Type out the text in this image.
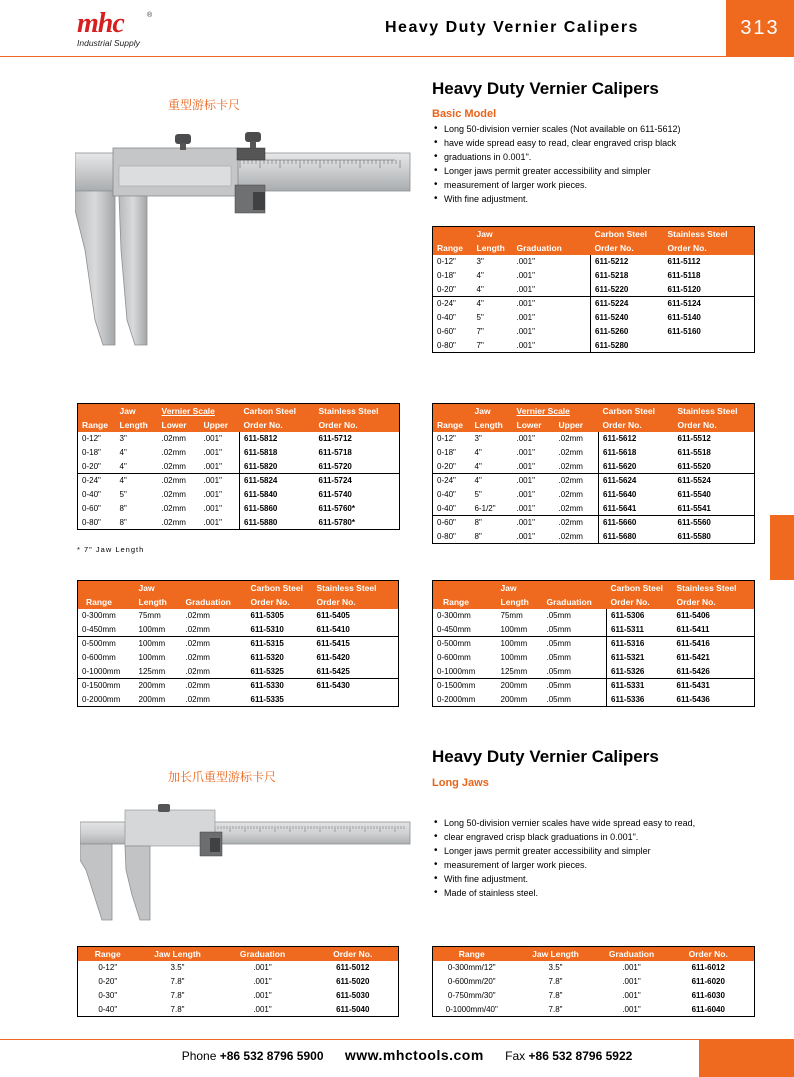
mhc	®
Industrial Supply
Heavy Duty Vernier Calipers	313
重型游标卡尺
Heavy Duty Vernier Calipers
Basic Model
• Long 50-division vernier scales (Not available on 611-5612)
• have wide spread easy to read, clear engraved crisp black
• graduations in 0.001".
• Longer jaws permit greater accessibility and simpler
• measurement of larger work pieces.
• With fine adjustment.
	Jaw		Carbon Steel	Stainless Steel
Range	Length	Graduation	Order No.	Order No.
0-12"	3"	.001"	611-5212	611-5112
0-18"	4"	.001"	611-5218	611-5118
0-20"	4"	.001"	611-5220	611-5120
0-24"	4"	.001"	611-5224	611-5124
0-40"	5"	.001"	611-5240	611-5140
0-60"	7"	.001"	611-5260	611-5160
0-80"	7"	.001"	611-5280	
	Jaw	Vernier Scale		Carbon Steel	Stainless Steel
Range	Length	Lower	Upper	Order No.	Order No.
0-12"	3"	.02mm	.001"	611-5812	611-5712
0-18"	4"	.02mm	.001"	611-5818	611-5718
0-20"	4"	.02mm	.001"	611-5820	611-5720
0-24"	4"	.02mm	.001"	611-5824	611-5724
0-40"	5"	.02mm	.001"	611-5840	611-5740
0-60"	8"	.02mm	.001"	611-5860	611-5760*
0-80"	8"	.02mm	.001"	611-5880	611-5780*
* 7" Jaw Length
	Jaw	Vernier Scale		Carbon Steel	Stainless Steel
Range	Length	Lower	Upper	Order No.	Order No.
0-12"	3"	.001"	.02mm	611-5612	611-5512
0-18"	4"	.001"	.02mm	611-5618	611-5518
0-20"	4"	.001"	.02mm	611-5620	611-5520
0-24"	4"	.001"	.02mm	611-5624	611-5524
0-40"	5"	.001"	.02mm	611-5640	611-5540
0-40"	6-1/2"	.001"	.02mm	611-5641	611-5541
0-60"	8"	.001"	.02mm	611-5660	611-5560
0-80"	8"	.001"	.02mm	611-5680	611-5580
	Jaw		Carbon Steel	Stainless Steel
Range	Length	Graduation	Order No.	Order No.
0-300mm	75mm	.02mm	611-5305	611-5405
0-450mm	100mm	.02mm	611-5310	611-5410
0-500mm	100mm	.02mm	611-5315	611-5415
0-600mm	100mm	.02mm	611-5320	611-5420
0-1000mm	125mm	.02mm	611-5325	611-5425
0-1500mm	200mm	.02mm	611-5330	611-5430
0-2000mm	200mm	.02mm	611-5335	
	Jaw		Carbon Steel	Stainless Steel
Range	Length	Graduation	Order No.	Order No.
0-300mm	75mm	.05mm	611-5306	611-5406
0-450mm	100mm	.05mm	611-5311	611-5411
0-500mm	100mm	.05mm	611-5316	611-5416
0-600mm	100mm	.05mm	611-5321	611-5421
0-1000mm	125mm	.05mm	611-5326	611-5426
0-1500mm	200mm	.05mm	611-5331	611-5431
0-2000mm	200mm	.05mm	611-5336	611-5436
加长爪重型游标卡尺
Heavy Duty Vernier Calipers
Long Jaws
• Long 50-division vernier scales have wide spread easy to read,
• clear engraved crisp black graduations in 0.001".
• Longer jaws permit greater accessibility and simpler
• measurement of larger work pieces.
• With fine adjustment.
• Made of stainless steel.
Range	Jaw Length	Graduation	Order No.
0-12"	3.5"	.001"	611-5012
0-20"	7.8"	.001"	611-5020
0-30"	7.8"	.001"	611-5030
0-40"	7.8"	.001"	611-5040
Range	Jaw Length	Graduation	Order No.
0-300mm/12"	3.5"	.001"	611-6012
0-600mm/20"	7.8"	.001"	611-6020
0-750mm/30"	7.8"	.001"	611-6030
0-1000mm/40"	7.8"	.001"	611-6040
Phone +86 532 8796 5900 www.mhctools.com Fax +86 532 8796 5922
